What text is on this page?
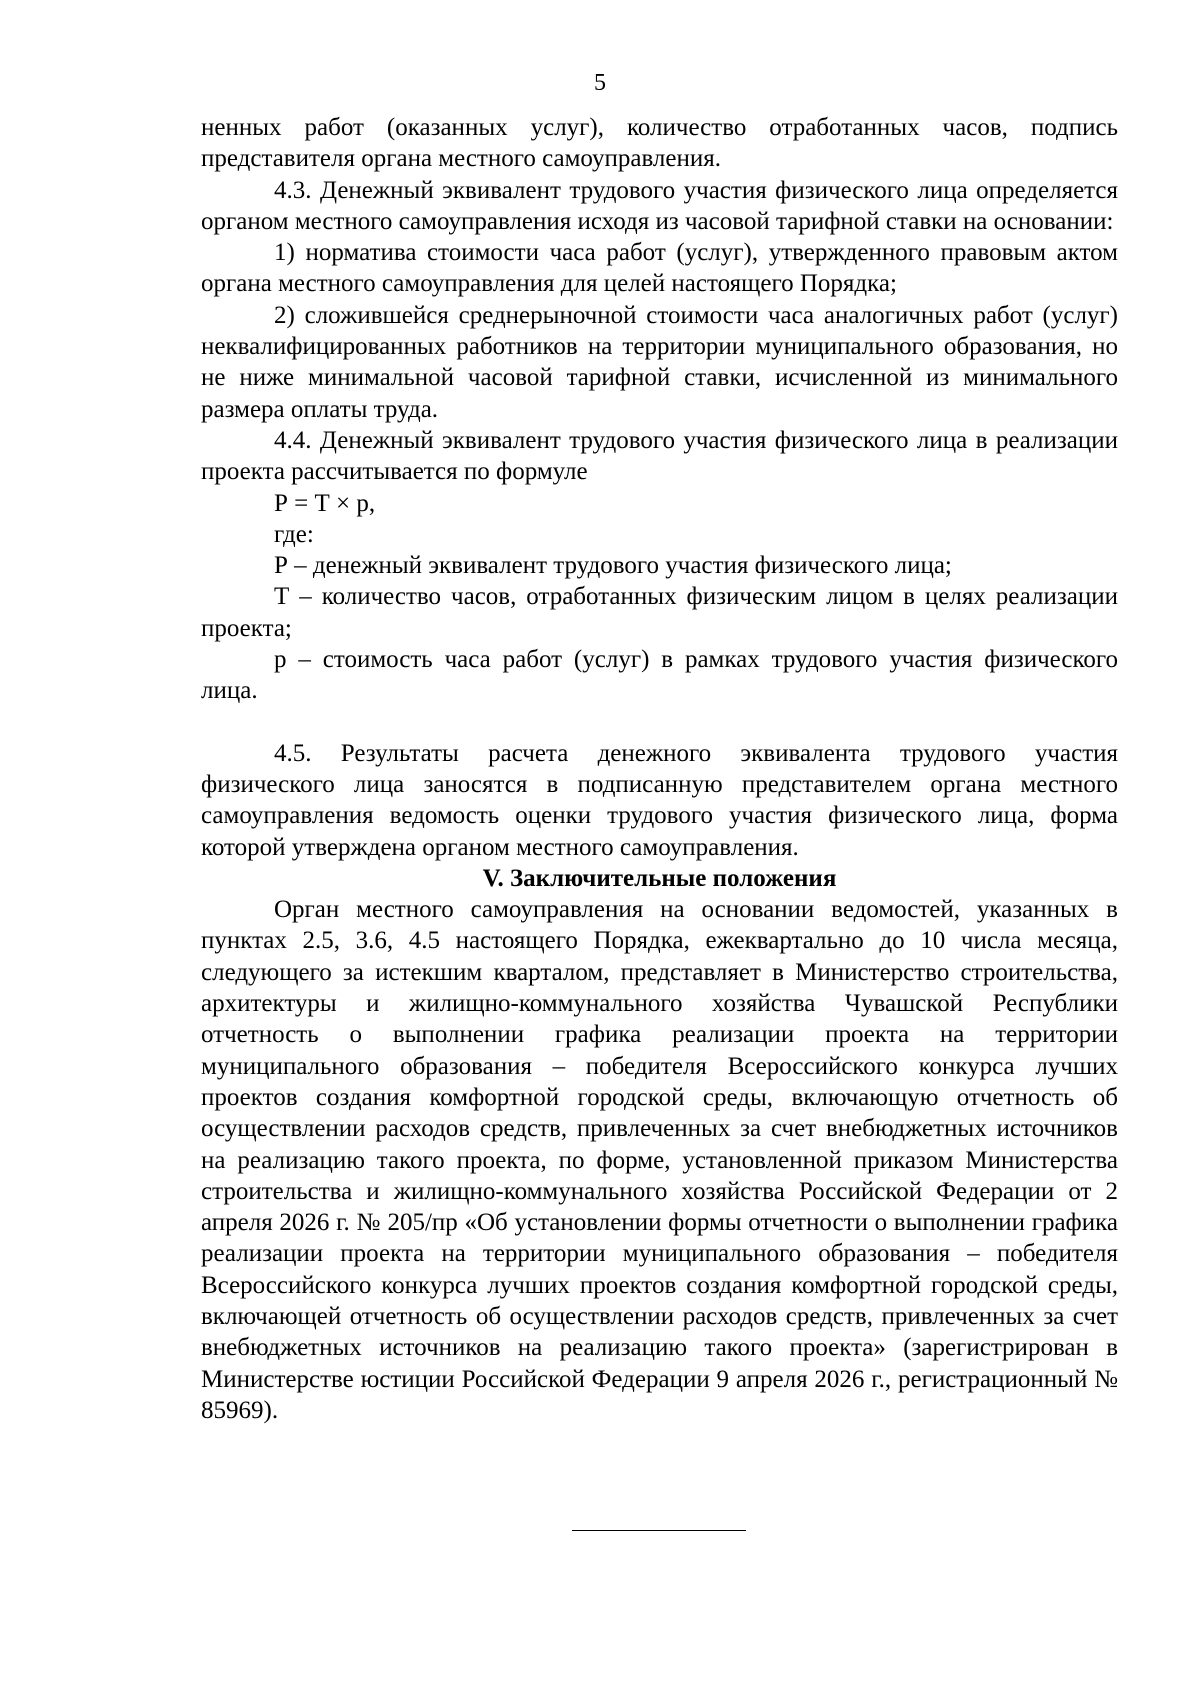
5

ненных работ (оказанных услуг), количество отработанных часов, подпись представителя органа местного самоуправления.

4.3. Денежный эквивалент трудового участия физического лица определяется органом местного самоуправления исходя из часовой тарифной ставки на основании:

1) норматива стоимости часа работ (услуг), утвержденного правовым актом органа местного самоуправления для целей настоящего Порядка;

2) сложившейся среднерыночной стоимости часа аналогичных работ (услуг) неквалифицированных работников на территории муниципального образования, но не ниже минимальной часовой тарифной ставки, исчисленной из минимального размера оплаты труда.

4.4. Денежный эквивалент трудового участия физического лица в реализации проекта рассчитывается по формуле

Р = Т × р,

где:

Р – денежный эквивалент трудового участия физического лица;

Т – количество часов, отработанных физическим лицом в целях реализации проекта;

р – стоимость часа работ (услуг) в рамках трудового участия физического лица.

4.5. Результаты расчета денежного эквивалента трудового участия физического лица заносятся в подписанную представителем органа местного самоуправления ведомость оценки трудового участия физического лица, форма которой утверждена органом местного самоуправления.

V. Заключительные положения

Орган местного самоуправления на основании ведомостей, указанных в пунктах 2.5, 3.6, 4.5 настоящего Порядка, ежеквартально до 10 числа месяца, следующего за истекшим кварталом, представляет в Министерство строительства, архитектуры и жилищно-коммунального хозяйства Чувашской Республики отчетность о выполнении графика реализации проекта на территории муниципального образования – победителя Всероссийского конкурса лучших проектов создания комфортной городской среды, включающую отчетность об осуществлении расходов средств, привлеченных за счет внебюджетных источников на реализацию такого проекта, по форме, установленной приказом Министерства строительства и жилищно-коммунального хозяйства Российской Федерации от 2 апреля 2026 г. № 205/пр «Об установлении формы отчетности о выполнении графика реализации проекта на территории муниципального образования – победителя Всероссийского конкурса лучших проектов создания комфортной городской среды, включающей отчетность об осуществлении расходов средств, привлеченных за счет внебюджетных источников на реализацию такого проекта» (зарегистрирован в Министерстве юстиции Российской Федерации 9 апреля 2026 г., регистрационный № 85969).
